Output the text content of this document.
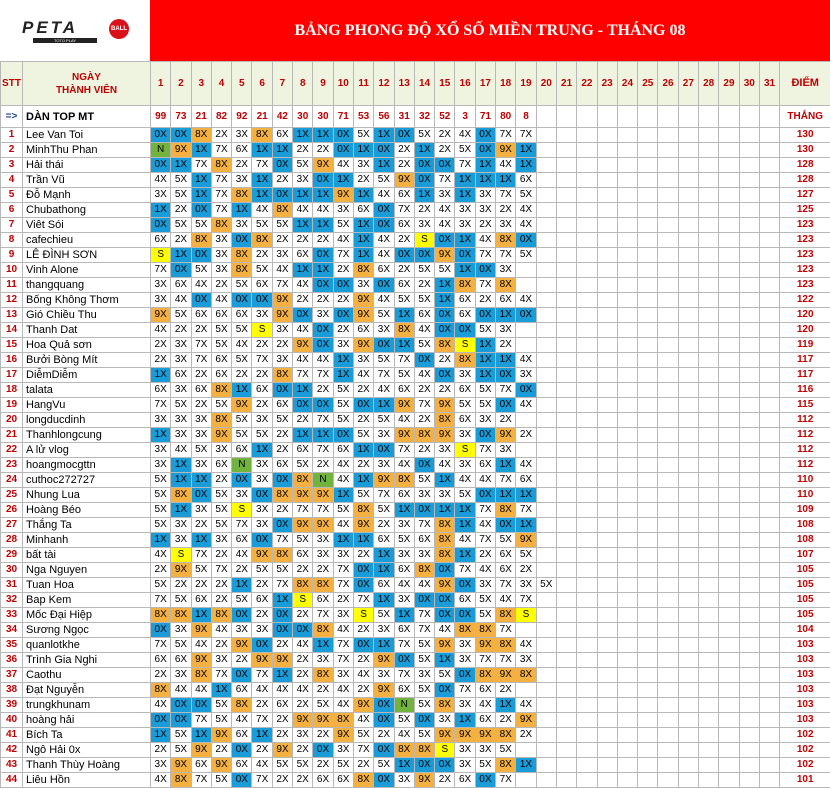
PETA	BALL
TOTO PLAY
BẢNG PHONG ĐỘ XỔ SỐ MIỀN TRUNG - THÁNG 08
STT	NGÀY
THÀNH VIÊN	1	2	3	4	5	6	7	8	9	10	11	12	13	14	15	16	17	18	19	20	21	22	23	24	25	26	27	28	29	30	31	ĐIỂM
=>	DÀN TOP MT	99	73	21	82	92	21	42	30	30	71	53	56	31	32	52	3	71	80	8													THẮNG
1	Lee Van Toi	0X	0X	8X	2X	3X	8X	6X	1X	1X	0X	5X	1X	0X	5X	2X	4X	0X	7X	7X													130
2	MinhThu Phan	N	9X	1X	7X	6X	1X	1X	2X	2X	0X	1X	0X	2X	1X	2X	5X	0X	9X	1X													130
3	Hải thái	0X	1X	7X	8X	2X	7X	0X	5X	9X	4X	3X	1X	2X	0X	0X	7X	1X	4X	1X													128
4	Trần Vũ	4X	5X	1X	7X	3X	1X	2X	3X	0X	1X	2X	5X	9X	0X	7X	1X	1X	1X	6X													128
5	Đỗ Mạnh	3X	5X	1X	7X	8X	1X	0X	1X	1X	9X	1X	4X	6X	1X	3X	1X	3X	7X	5X													127
6	Chubathong	1X	2X	0X	7X	1X	4X	8X	4X	4X	3X	6X	0X	7X	2X	4X	3X	3X	2X	4X													125
7	Viêt Sói	0X	5X	5X	8X	3X	5X	5X	1X	1X	5X	1X	0X	6X	3X	4X	3X	2X	3X	4X													123
8	cafechieu	6X	2X	8X	3X	0X	8X	2X	2X	2X	4X	1X	4X	2X	S	0X	1X	4X	8X	0X													123
9	LÊ ĐÌNH SƠN	S	1X	0X	3X	8X	2X	3X	6X	0X	7X	1X	4X	0X	0X	9X	0X	7X	7X	5X													123
10	Vinh Alone	7X	0X	5X	3X	8X	5X	4X	1X	1X	2X	8X	6X	2X	5X	5X	1X	0X	3X														123
11	thangquang	3X	6X	4X	2X	5X	6X	7X	4X	0X	0X	3X	0X	6X	2X	1X	8X	7X	8X														123
12	Bống Không Thơm	3X	4X	0X	4X	0X	0X	9X	2X	2X	2X	9X	4X	5X	5X	1X	6X	2X	6X	4X													122
13	Gió Chiều Thu	9X	5X	6X	6X	6X	3X	9X	0X	3X	0X	9X	5X	1X	6X	0X	6X	0X	1X	0X													120
14	Thanh Dat	4X	2X	2X	5X	5X	S	3X	4X	0X	2X	6X	3X	8X	4X	0X	0X	5X	3X														120
15	Hoa Quả sơn	2X	3X	7X	5X	4X	2X	2X	9X	0X	3X	9X	0X	1X	5X	8X	S	1X	2X														119
16	Bưởi Bòng Mít	2X	3X	7X	6X	5X	7X	3X	4X	4X	1X	3X	5X	7X	0X	2X	8X	1X	1X	4X													117
17	DiễmDiễm	1X	6X	2X	6X	2X	2X	8X	7X	7X	1X	4X	7X	5X	4X	0X	3X	1X	0X	3X													117
18	talata	6X	3X	6X	8X	1X	6X	0X	1X	2X	5X	2X	4X	6X	2X	2X	6X	5X	7X	0X													116
19	HangVu	7X	5X	2X	5X	9X	2X	6X	0X	0X	5X	0X	1X	9X	7X	9X	5X	5X	0X	4X													115
20	longducdinh	3X	3X	3X	8X	5X	3X	5X	2X	7X	5X	2X	5X	4X	2X	8X	6X	3X	2X														112
21	Thanhlongcung	1X	3X	3X	9X	5X	5X	2X	1X	1X	0X	5X	3X	9X	8X	9X	3X	0X	9X	2X													112
22	A lử vlog	3X	4X	5X	3X	6X	1X	2X	6X	7X	6X	1X	0X	7X	2X	3X	S	7X	3X														112
23	hoangmocgttn	3X	1X	3X	6X	N	3X	6X	5X	2X	4X	2X	3X	4X	0X	4X	3X	6X	1X	4X													112
24	cuthoc272727	5X	1X	1X	2X	0X	3X	0X	8X	N	4X	1X	9X	8X	5X	1X	4X	4X	7X	6X													110
25	Nhung Lua	5X	8X	0X	5X	3X	0X	8X	9X	9X	1X	5X	7X	6X	3X	3X	5X	0X	1X	1X													110
26	Hoàng Béo	5X	1X	3X	5X	S	3X	2X	7X	7X	5X	8X	5X	1X	0X	1X	1X	7X	8X	7X													109
27	Thắng Ta	5X	3X	2X	5X	7X	3X	0X	9X	9X	4X	9X	2X	3X	7X	8X	1X	4X	0X	1X													108
28	Minhanh	1X	3X	1X	3X	6X	0X	7X	5X	3X	1X	1X	6X	5X	6X	8X	4X	7X	5X	9X													108
29	bất tài	4X	S	7X	2X	4X	9X	8X	6X	3X	3X	2X	1X	3X	3X	8X	1X	2X	6X	5X													107
30	Nga Nguyen	2X	9X	5X	7X	2X	5X	5X	2X	2X	7X	0X	1X	6X	8X	0X	7X	4X	6X	2X													105
31	Tuan Hoa	5X	2X	2X	2X	1X	2X	7X	8X	8X	7X	0X	6X	4X	4X	9X	0X	3X	7X	3X	5X												105
32	Bap Kem	7X	5X	6X	2X	5X	6X	1X	S	6X	2X	7X	1X	3X	0X	0X	6X	5X	4X	7X													105
33	Mốc Đại Hiệp	8X	8X	1X	8X	0X	2X	0X	2X	7X	3X	S	5X	1X	7X	0X	0X	5X	8X	S													105
34	Sương Ngọc	0X	3X	9X	4X	3X	3X	0X	0X	8X	4X	2X	3X	6X	7X	4X	8X	8X	7X														104
35	quanlotkhe	7X	5X	4X	2X	9X	0X	2X	4X	1X	7X	0X	1X	7X	5X	9X	3X	9X	8X	4X													103
36	Trình Gia Nghi	6X	6X	9X	3X	2X	9X	9X	2X	3X	7X	2X	9X	0X	5X	1X	3X	7X	7X	3X													103
37	Caothu	2X	3X	8X	7X	0X	7X	1X	2X	8X	3X	4X	3X	7X	3X	5X	0X	8X	9X	8X													103
38	Đạt Nguyễn	8X	4X	4X	1X	6X	4X	4X	4X	2X	4X	2X	9X	6X	5X	0X	7X	6X	2X														103
39	trungkhunam	4X	0X	0X	5X	8X	2X	6X	2X	5X	4X	9X	0X	N	5X	8X	3X	4X	1X	4X													103
40	hoàng hải	0X	0X	7X	5X	4X	7X	2X	9X	9X	8X	4X	0X	5X	0X	3X	1X	6X	2X	9X													103
41	Bích Ta	1X	5X	1X	9X	6X	1X	2X	3X	2X	9X	5X	2X	4X	5X	9X	9X	9X	8X	2X													102
42	Ngô Hải 0x	2X	5X	9X	2X	0X	2X	9X	2X	0X	3X	7X	0X	8X	8X	S	3X	3X	5X														102
43	Thanh Thùy Hoàng	3X	9X	6X	9X	6X	4X	5X	5X	2X	5X	2X	5X	1X	0X	0X	3X	5X	8X	1X													102
44	Liêu Hồn	4X	8X	7X	5X	0X	7X	2X	2X	6X	6X	8X	0X	3X	9X	2X	6X	0X	7X														101
